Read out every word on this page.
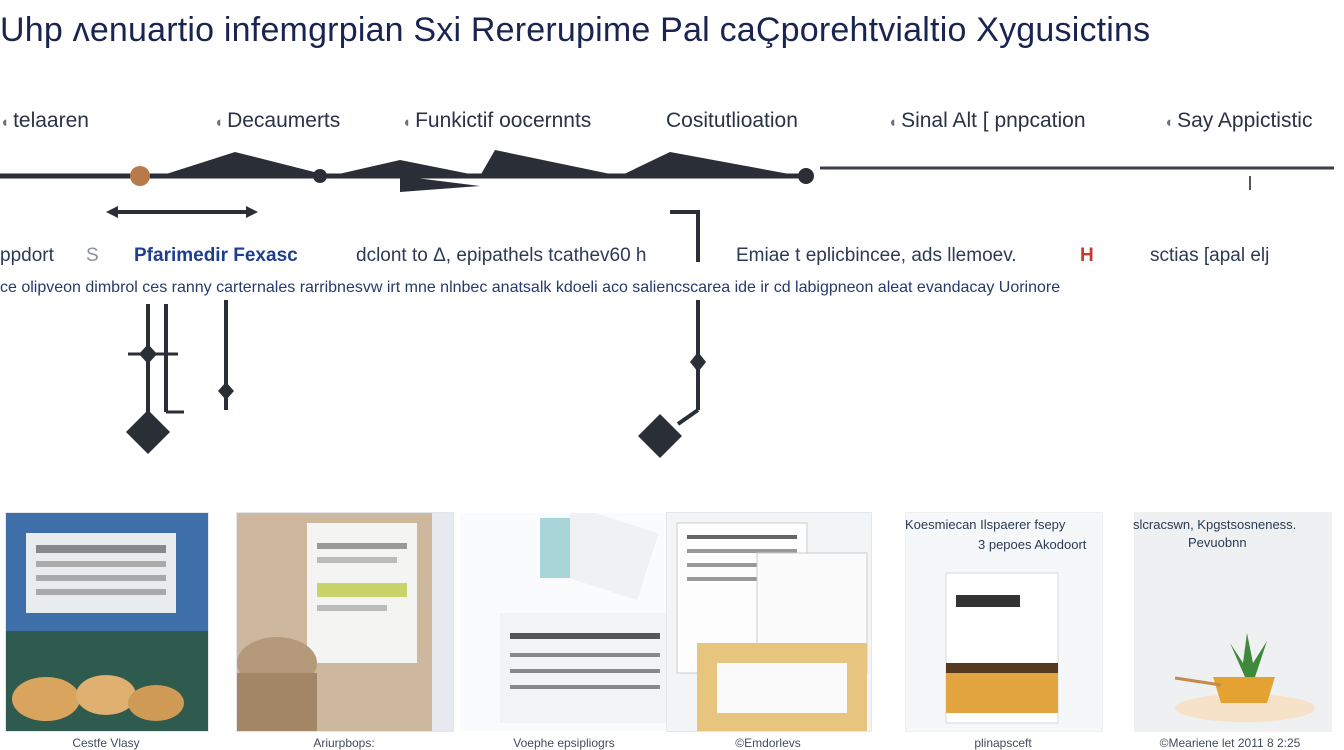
Uhp ʌenuartio infemgrpian Sxi Rererupime Pal caÇporehtvialtio Xygusictins
◖ telaaren	◖ Decaumerts	◖ Funkictif oocernnts	Cositutlioation	◖ Sinal Alt [ pnpcation	◖ Say Appictistic
ppdort S Pfarimedir Fexasc	dclont to Δ, epipathels tcathev60 h	Emiae t eplicbincee, ads llemoev.	H	sctias [apal elj
ce olipveon dimbrol ces ranny carternales rarribnesvw irt mne nlnbec anatsalk kdoeli aco saliencscarea ide ir cd labigpneon aleat evandacay Uorinore
Koesmiecan Ilspaerer fsepy
3 pepoes Akodoort
slcracswn, Kpgstsosneness.
Pevuobnn
Cestfe Vlasy	Ariurpbops:	Voephe epsipliogrs	©Emdorlevs	plinapsceft	©Meariene let 2011 8 2:25
